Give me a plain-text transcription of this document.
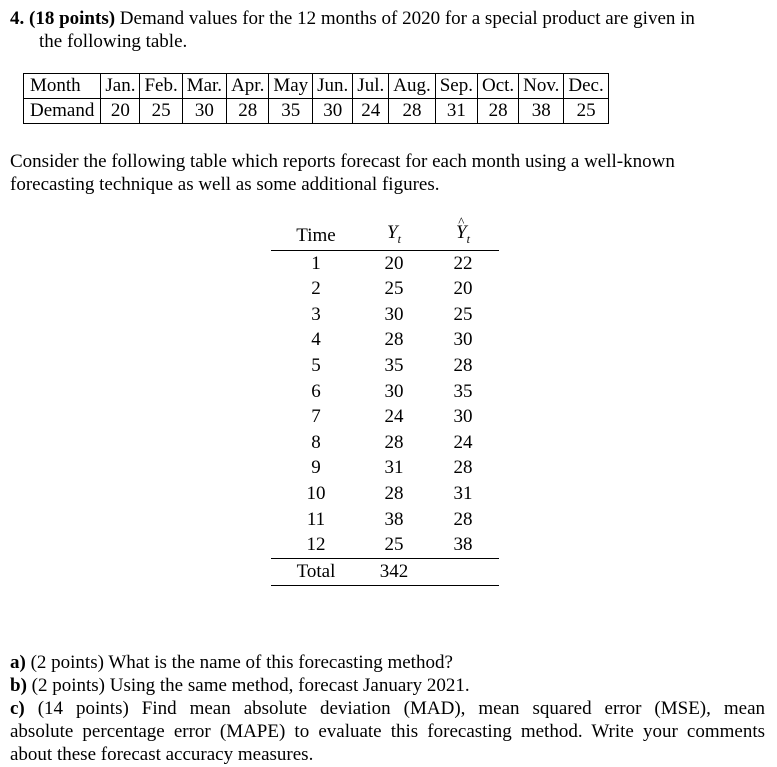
4. (18 points) Demand values for the 12 months of 2020 for a special product are given in
the following table.
Month	Jan.	Feb.	Mar.	Apr.	May	Jun.	Jul.	Aug.	Sep.	Oct.	Nov.	Dec.
Demand	20	25	30	28	35	30	24	28	31	28	38	25
Consider the following table which reports forecast for each month using a well-known
forecasting technique as well as some additional figures.
Time	$Y_t$	^ $Y_t$
1	20	22
2	25	20
3	30	25
4	28	30
5	35	28
6	30	35
7	24	30
8	28	24
9	31	28
10	28	31
11	38	28
12	25	38
Total	342	
a) (2 points) What is the name of this forecasting method?
b) (2 points) Using the same method, forecast January 2021.
c) (14 points) Find mean absolute deviation (MAD), mean squared error (MSE), mean
absolute percentage error (MAPE) to evaluate this forecasting method. Write your comments
about these forecast accuracy measures.
